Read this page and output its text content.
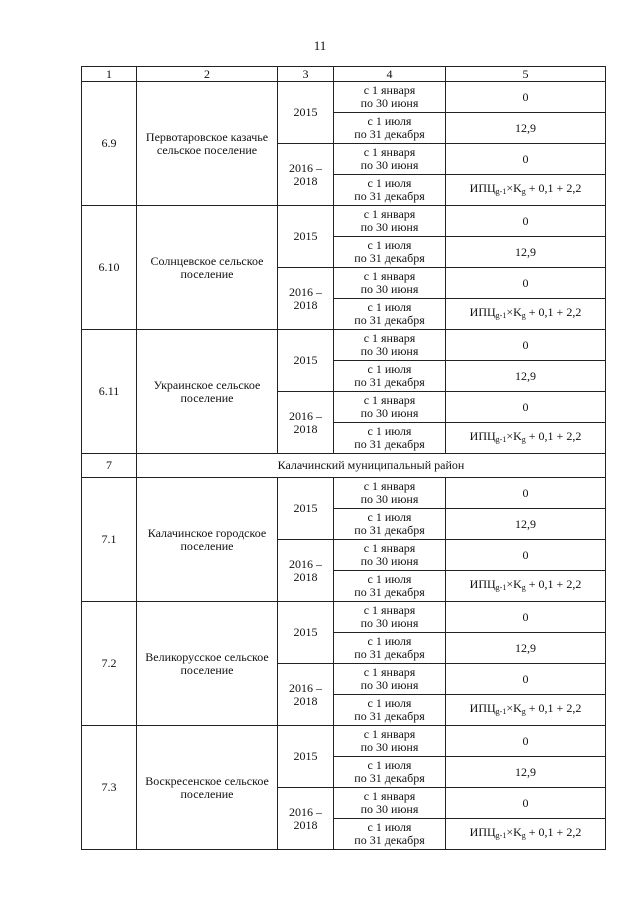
11
1	2	3	4	5
6.9	Первотаровское казачье сельское поселение	2015	с 1 января
по 30 июня	0

			с 1 июля
по 31 декабря	12,9

		2016 –
2018	с 1 января
по 30 июня	0

			с 1 июля
по 31 декабря	$ИПЦ_{g-1}\times K_g + 0,1 + 2,2$
6.10	Солнцевское сельское поселение	2015	с 1 января
по 30 июня	0

			с 1 июля
по 31 декабря	12,9

		2016 –
2018	с 1 января
по 30 июня	0

			с 1 июля
по 31 декабря	$ИПЦ_{g-1}\times K_g + 0,1 + 2,2$
6.11	Украинское сельское поселение	2015	с 1 января
по 30 июня	0

			с 1 июля
по 31 декабря	12,9

		2016 –
2018	с 1 января
по 30 июня	0

			с 1 июля
по 31 декабря	$ИПЦ_{g-1}\times K_g + 0,1 + 2,2$
7	Калачинский муниципальный район			
7.1	Калачинское городское поселение	2015	с 1 января
по 30 июня	0

			с 1 июля
по 31 декабря	12,9

		2016 –
2018	с 1 января
по 30 июня	0

			с 1 июля
по 31 декабря	$ИПЦ_{g-1}\times K_g + 0,1 + 2,2$
7.2	Великорусское сельское поселение	2015	с 1 января
по 30 июня	0

			с 1 июля
по 31 декабря	12,9

		2016 –
2018	с 1 января
по 30 июня	0

			с 1 июля
по 31 декабря	$ИПЦ_{g-1}\times K_g + 0,1 + 2,2$
7.3	Воскресенское сельское поселение	2015	с 1 января
по 30 июня	0

			с 1 июля
по 31 декабря	12,9

		2016 –
2018	с 1 января
по 30 июня	0

			с 1 июля
по 31 декабря	$ИПЦ_{g-1}\times K_g + 0,1 + 2,2$
